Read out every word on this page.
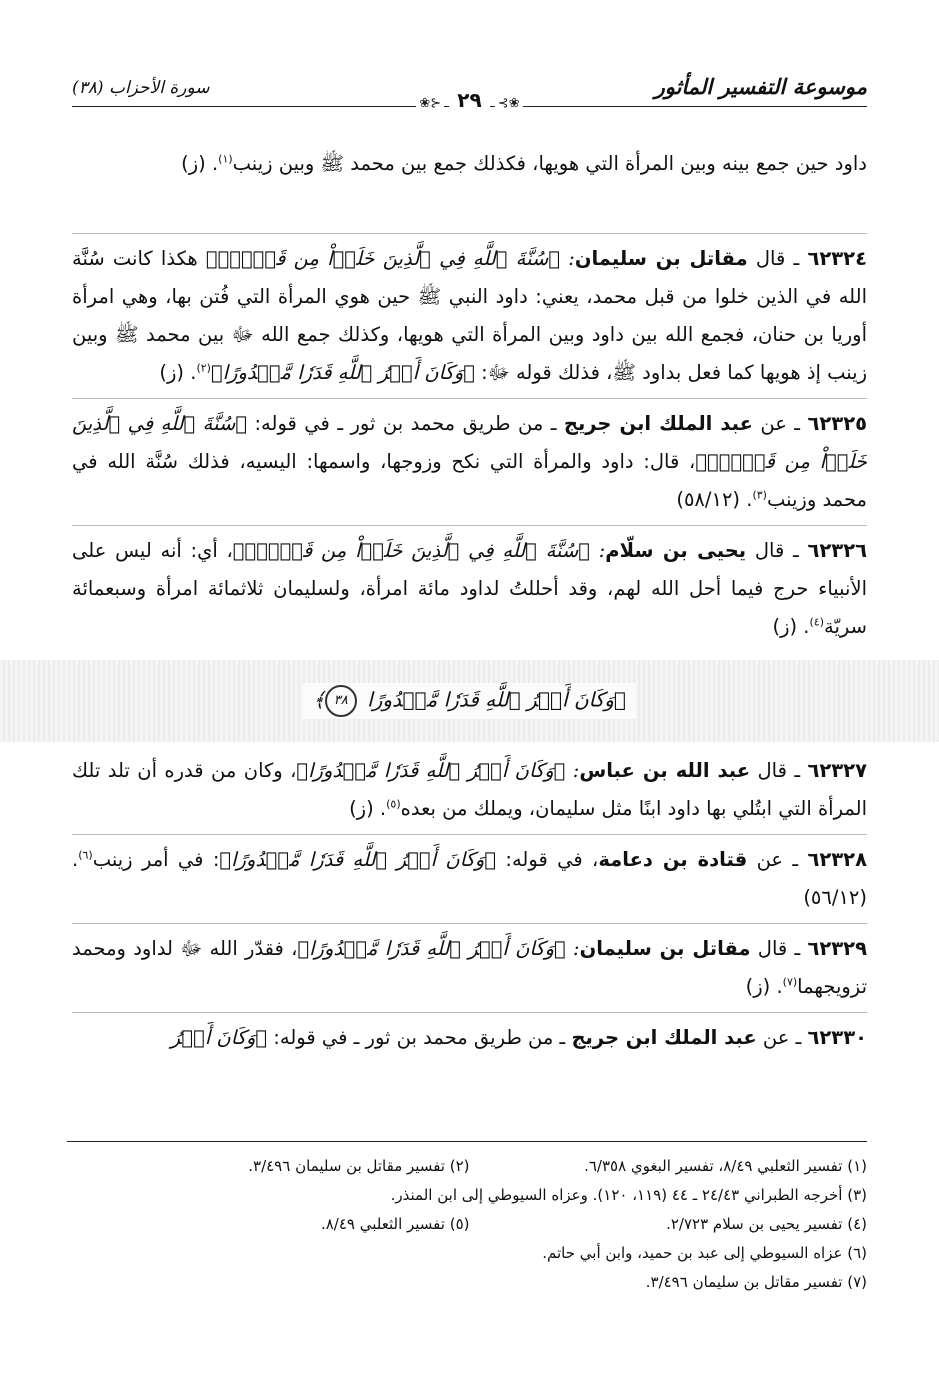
موسوعة التفسير المأثور
❀⊱ ٢٩ ⊰❀
سورة الأحزاب (٣٨)

داود حين جمع بينه وبين المرأة التي هويها، فكذلك جمع بين محمد ﷺ وبين زينب$^{(١)}$. (ز)

٦٢٣٢٤ ـ قال مقاتل بن سليمان: ﴿سُنَّةَ ٱللَّهِ فِي ٱلَّذِينَ خَلَوۡاْ مِن قَبۡلُۚ﴾ هكذا كانت سُنَّة الله في الذين خلوا من قبل محمد، يعني: داود النبي ﷺ حين هوي المرأة التي فُتن بها، وهي امرأة أوريا بن حنان، فجمع الله بين داود وبين المرأة التي هويها، وكذلك جمع الله ﷻ بين محمد ﷺ وبين زينب إذ هويها كما فعل بداود ﷺ، فذلك قوله ﷻ: ﴿وَكَانَ أَمۡرُ ٱللَّهِ قَدَرٗا مَّقۡدُورًا﴾$^{(٢)}$. (ز)

٦٢٣٢٥ ـ عن عبد الملك ابن جريج ـ من طريق محمد بن ثور ـ في قوله: ﴿سُنَّةَ ٱللَّهِ فِي ٱلَّذِينَ خَلَوۡاْ مِن قَبۡلُۚ﴾، قال: داود والمرأة التي نكح وزوجها، واسمها: اليسيه، فذلك سُنَّة الله في محمد وزينب$^{(٣)}$. (٥٨/١٢)

٦٢٣٢٦ ـ قال يحيى بن سلّام: ﴿سُنَّةَ ٱللَّهِ فِي ٱلَّذِينَ خَلَوۡاْ مِن قَبۡلُۚ﴾، أي: أنه ليس على الأنبياء حرج فيما أحل الله لهم، وقد أحللتُ لداود مائة امرأة، ولسليمان ثلاثمائة امرأة وسبعمائة سريّة$^{(٤)}$. (ز)

﴿وَكَانَ أَمۡرُ ٱللَّهِ قَدَرٗا مَّقۡدُورًا ٣٨﴾

٦٢٣٢٧ ـ قال عبد الله بن عباس: ﴿وَكَانَ أَمۡرُ ٱللَّهِ قَدَرٗا مَّقۡدُورًا﴾، وكان من قدره أن تلد تلك المرأة التي ابتُلي بها داود ابنًا مثل سليمان، ويملك من بعده$^{(٥)}$. (ز)

٦٢٣٢٨ ـ عن قتادة بن دعامة، في قوله: ﴿وَكَانَ أَمۡرُ ٱللَّهِ قَدَرٗا مَّقۡدُورًا﴾: في أمر زينب$^{(٦)}$. (٥٦/١٢)

٦٢٣٢٩ ـ قال مقاتل بن سليمان: ﴿وَكَانَ أَمۡرُ ٱللَّهِ قَدَرٗا مَّقۡدُورًا﴾، فقدّر الله ﷻ لداود ومحمد تزويجهما$^{(٧)}$. (ز)

٦٢٣٣٠ ـ عن عبد الملك ابن جريج ـ من طريق محمد بن ثور ـ في قوله: ﴿وَكَانَ أَمۡرُ

(١) تفسير الثعلبي ٨/٤٩، تفسير البغوي ٦/٣٥٨.
(٢) تفسير مقاتل بن سليمان ٣/٤٩٦.
(٣) أخرجه الطبراني ٢٤/٤٣ ـ ٤٤ (١١٩، ١٢٠). وعزاه السيوطي إلى ابن المنذر.
(٤) تفسير يحيى بن سلام ٢/٧٢٣.
(٥) تفسير الثعلبي ٨/٤٩.
(٦) عزاه السيوطي إلى عبد بن حميد، وابن أبي حاتم.
(٧) تفسير مقاتل بن سليمان ٣/٤٩٦.
